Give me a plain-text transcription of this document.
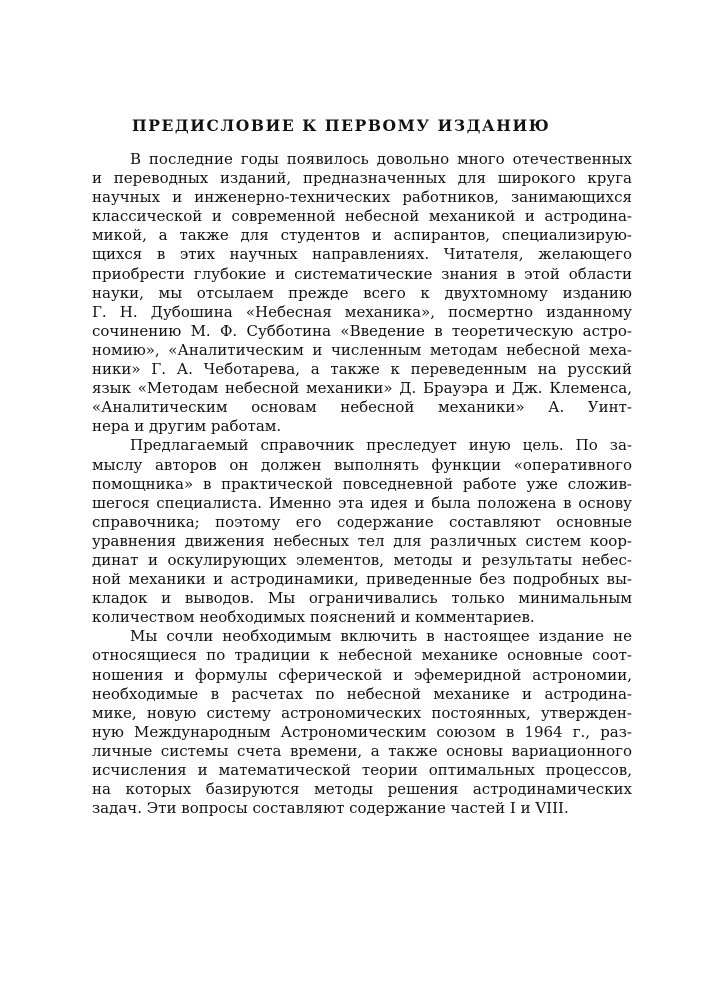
ПРЕДИСЛОВИЕ К ПЕРВОМУ ИЗДАНИЮ
В последние годы появилось довольно много отечественных
и переводных изданий, предназначенных для широкого круга
научных и инженерно-технических работников, занимающихся
классической и современной небесной механикой и астродина-
микой, а также для студентов и аспирантов, специализирую-
щихся в этих научных направлениях. Читателя, желающего
приобрести глубокие и систематические знания в этой области
науки, мы отсылаем прежде всего к двухтомному изданию
Г. Н. Дубошина «Небесная механика», посмертно изданному
сочинению М. Ф. Субботина «Введение в теоретическую астро-
номию», «Аналитическим и численным методам небесной меха-
ники» Г. А. Чеботарева, а также к переведенным на русский
язык «Методам небесной механики» Д. Брауэра и Дж. Клеменса,
«Аналитическим основам небесной механики» А. Уинт-
нера и другим работам.
Предлагаемый справочник преследует иную цель. По за-
мыслу авторов он должен выполнять функции «оперативного
помощника» в практической повседневной работе уже сложив-
шегося специалиста. Именно эта идея и была положена в основу
справочника; поэтому его содержание составляют основные
уравнения движения небесных тел для различных систем коор-
динат и оскулирующих элементов, методы и результаты небес-
ной механики и астродинамики, приведенные без подробных вы-
кладок и выводов. Мы ограничивались только минимальным
количеством необходимых пояснений и комментариев.
Мы сочли необходимым включить в настоящее издание не
относящиеся по традиции к небесной механике основные соот-
ношения и формулы сферической и эфемеридной астрономии,
необходимые в расчетах по небесной механике и астродина-
мике, новую систему астрономических постоянных, утвержден-
ную Международным Астрономическим союзом в 1964 г., раз-
личные системы счета времени, а также основы вариационного
исчисления и математической теории оптимальных процессов,
на которых базируются методы решения астродинамических
задач. Эти вопросы составляют содержание частей I и VIII.
